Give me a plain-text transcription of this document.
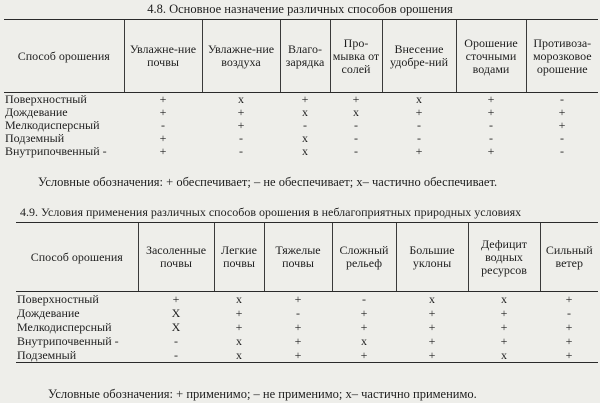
4.8. Основное назначение различных способов орошения
Способ орошения	Увлажне-ние почвы	Увлажне-ние воздуха	Влаго-зарядка	Про-мывка от солей	Внесение удобре-ний	Орошение сточными водами	Противоза-морозковое орошение
Поверхностный	+	x	+	+	x	+	-
Дождевание	+	+	x	x	+	+	+
Мелкодисперсный	-	+	-	-	-	-	+
Подземный	+	-	x	-	-	-	-
Внутрипочвенный -	+	-	x	-	+	+	-
Условные обозначения: + обеспечивает; – не обеспечивает; x– частично обеспечивает.
4.9. Условия применения различных способов орошения в неблагоприятных природных условиях
Способ орошения	Засоленные почвы	Легкие почвы	Тяжелые почвы	Сложный рельеф	Большие уклоны	Дефицит водных ресурсов	Сильный ветер
Поверхностный	+	x	+	-	x	x	+
Дождевание	X	+	-	+	+	+	-
Мелкодисперсный	X	+	+	+	+	+	+
Внутрипочвенный -	-	x	+	x	+	+	+
Подземный	-	x	+	+	+	x	+
Условные обозначения: + применимо; – не применимо; x– частично применимо.
